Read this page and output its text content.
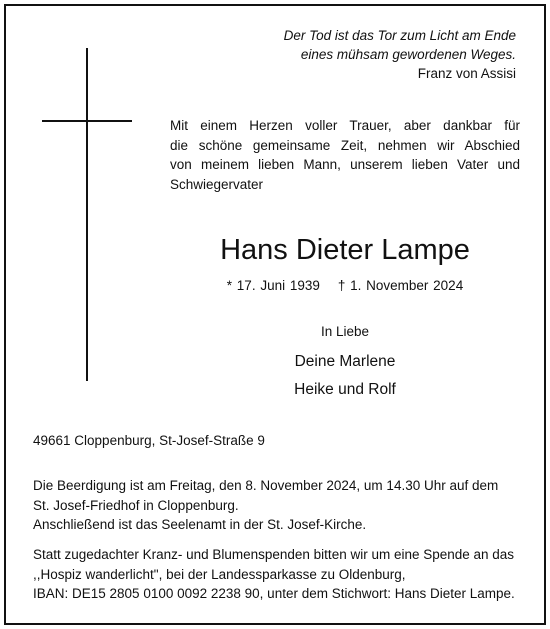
Der Tod ist das Tor zum Licht am Ende
eines mühsam gewordenen Weges.
Franz von Assisi
Mit einem Herzen voller Trauer, aber dankbar für
die schöne gemeinsame Zeit, nehmen wir Abschied
von meinem lieben Mann, unserem lieben Vater und
Schwiegervater
Hans Dieter Lampe
* 17. Juni 1939 † 1. November 2024
In Liebe
Deine Marlene
Heike und Rolf
49661 Cloppenburg, St-Josef-Straße 9
Die Beerdigung ist am Freitag, den 8. November 2024, um 14.30 Uhr auf dem
St. Josef-Friedhof in Cloppenburg.
Anschließend ist das Seelenamt in der St. Josef-Kirche.
Statt zugedachter Kranz- und Blumenspenden bitten wir um eine Spende an das
,,Hospiz wanderlicht", bei der Landessparkasse zu Oldenburg,
IBAN: DE15 2805 0100 0092 2238 90, unter dem Stichwort: Hans Dieter Lampe.
